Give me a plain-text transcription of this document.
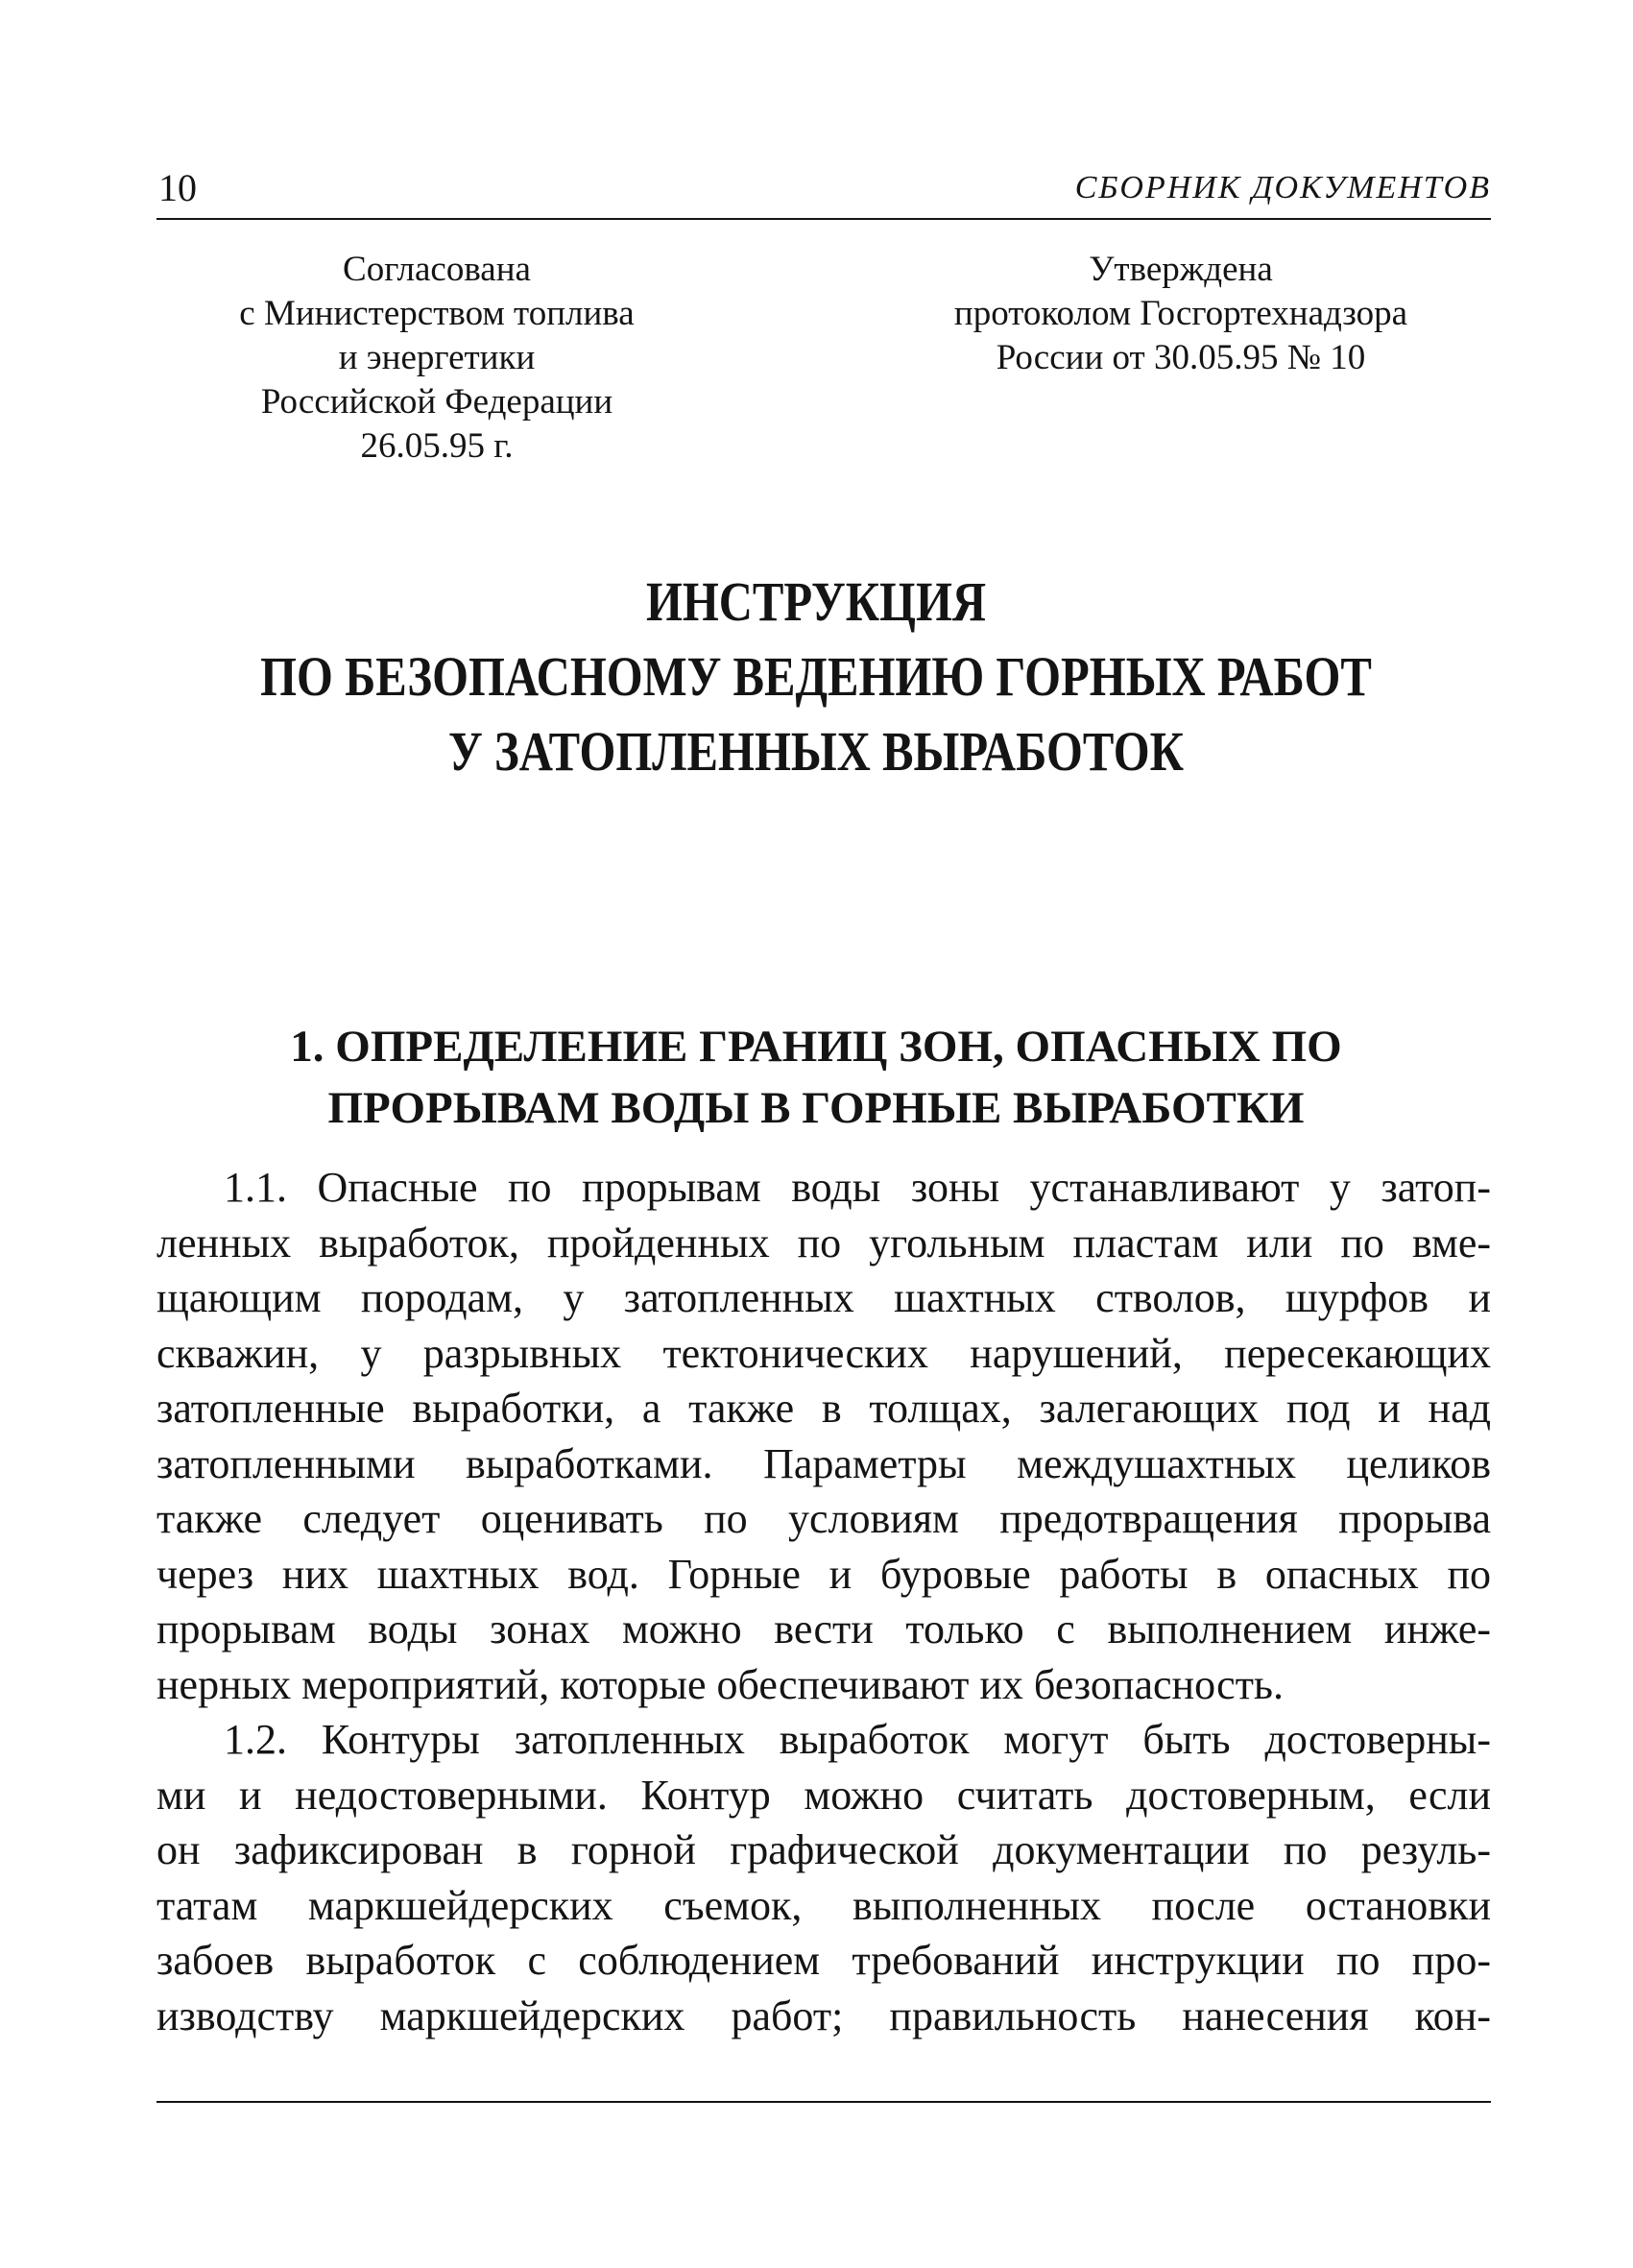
10	СБОРНИК ДОКУМЕНТОВ
Согласована
с Министерством топлива
и энергетики
Российской Федерации
26.05.95 г.
Утверждена
протоколом Госгортехнадзора
России от 30.05.95 № 10
ИНСТРУКЦИЯ
ПО БЕЗОПАСНОМУ ВЕДЕНИЮ ГОРНЫХ РАБОТ
У ЗАТОПЛЕННЫХ ВЫРАБОТОК
1. ОПРЕДЕЛЕНИЕ ГРАНИЦ ЗОН, ОПАСНЫХ ПО
ПРОРЫВАМ ВОДЫ В ГОРНЫЕ ВЫРАБОТКИ
1.1. Опасные по прорывам воды зоны устанавливают у затоп-
ленных выработок, пройденных по угольным пластам или по вме-
щающим породам, у затопленных шахтных стволов, шурфов и
скважин, у разрывных тектонических нарушений, пересекающих
затопленные выработки, а также в толщах, залегающих под и над
затопленными выработками. Параметры междушахтных целиков
также следует оценивать по условиям предотвращения прорыва
через них шахтных вод. Горные и буровые работы в опасных по
прорывам воды зонах можно вести только с выполнением инже-
нерных мероприятий, которые обеспечивают их безопасность.
1.2. Контуры затопленных выработок могут быть достоверны-
ми и недостоверными. Контур можно считать достоверным, если
он зафиксирован в горной графической документации по резуль-
татам маркшейдерских съемок, выполненных после остановки
забоев выработок с соблюдением требований инструкции по про-
изводству маркшейдерских работ; правильность нанесения кон-
